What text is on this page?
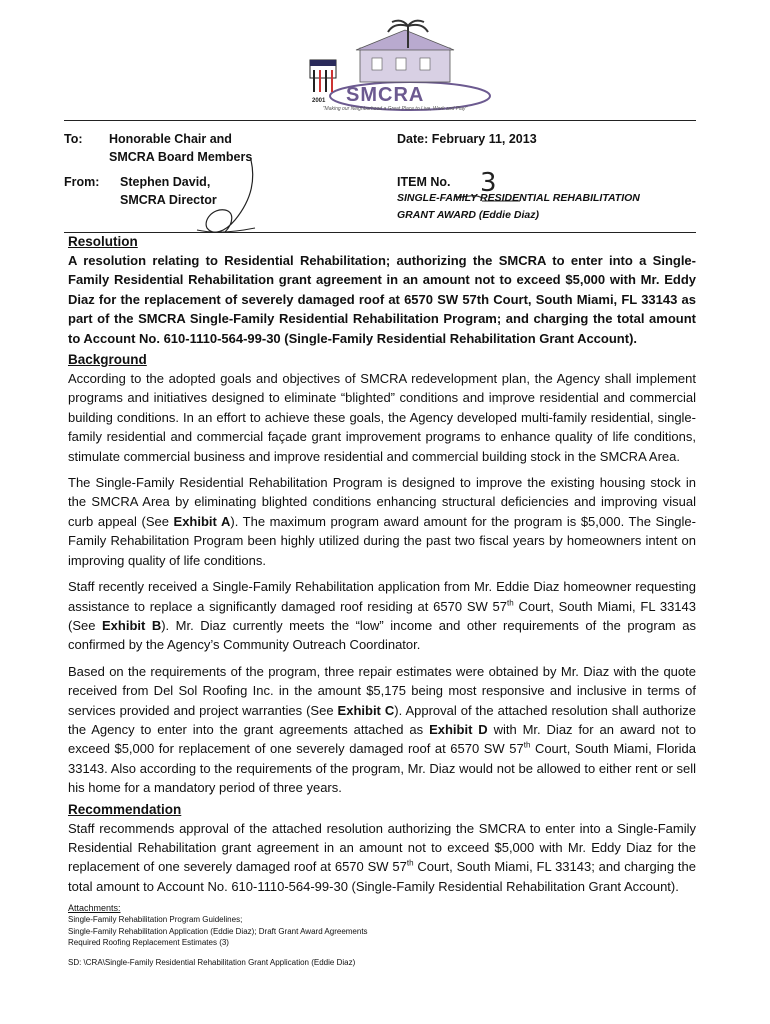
SMCRA
2001
"Making our Neighborhood a Great Place to Live, Work and Play"
To: Honorable Chair and
SMCRA Board Members
From: Stephen David,
SMCRA Director
Date: February 11, 2013
ITEM No. 3
SINGLE-FAMILY RESIDENTIAL REHABILITATION
GRANT AWARD (Eddie Diaz)

Resolution

A resolution relating to Residential Rehabilitation; authorizing the SMCRA to enter into a Single-Family Residential Rehabilitation grant agreement in an amount not to exceed $5,000 with Mr. Eddy Diaz for the replacement of severely damaged roof at 6570 SW 57th Court, South Miami, FL 33143 as part of the SMCRA Single-Family Residential Rehabilitation Program; and charging the total amount to Account No. 610-1110-564-99-30 (Single-Family Residential Rehabilitation Grant Account).

Background

According to the adopted goals and objectives of SMCRA redevelopment plan, the Agency shall implement programs and initiatives designed to eliminate “blighted” conditions and improve residential and commercial building conditions. In an effort to achieve these goals, the Agency developed multi-family residential, single-family residential and commercial façade grant improvement programs to enhance quality of life conditions, stimulate commercial business and improve residential and commercial building stock in the SMCRA Area.

The Single-Family Residential Rehabilitation Program is designed to improve the existing housing stock in the SMCRA Area by eliminating blighted conditions enhancing structural deficiencies and improving visual curb appeal (See Exhibit A). The maximum program award amount for the program is $5,000. The Single-Family Rehabilitation Program been highly utilized during the past two fiscal years by homeowners intent on improving quality of life conditions.

Staff recently received a Single-Family Rehabilitation application from Mr. Eddie Diaz homeowner requesting assistance to replace a significantly damaged roof residing at 6570 SW 57th Court, South Miami, FL 33143 (See Exhibit B). Mr. Diaz currently meets the “low” income and other requirements of the program as confirmed by the Agency’s Community Outreach Coordinator.

Based on the requirements of the program, three repair estimates were obtained by Mr. Diaz with the quote received from Del Sol Roofing Inc. in the amount $5,175 being most responsive and inclusive in terms of services provided and project warranties (See Exhibit C). Approval of the attached resolution shall authorize the Agency to enter into the grant agreements attached as Exhibit D with Mr. Diaz for an award not to exceed $5,000 for replacement of one severely damaged roof at 6570 SW 57th Court, South Miami, Florida 33143. Also according to the requirements of the program, Mr. Diaz would not be allowed to either rent or sell his home for a mandatory period of three years.

Recommendation

Staff recommends approval of the attached resolution authorizing the SMCRA to enter into a Single-Family Residential Rehabilitation grant agreement in an amount not to exceed $5,000 with Mr. Eddy Diaz for the replacement of one severely damaged roof at 6570 SW 57th Court, South Miami, FL 33143; and charging the total amount to Account No. 610-1110-564-99-30 (Single-Family Residential Rehabilitation Grant Account).

Attachments:

Single-Family Rehabilitation Program Guidelines;

Single-Family Rehabilitation Application (Eddie Diaz); Draft Grant Award Agreements

Required Roofing Replacement Estimates (3)

SD: \CRA\Single-Family Residential Rehabilitation Grant Application (Eddie Diaz)
